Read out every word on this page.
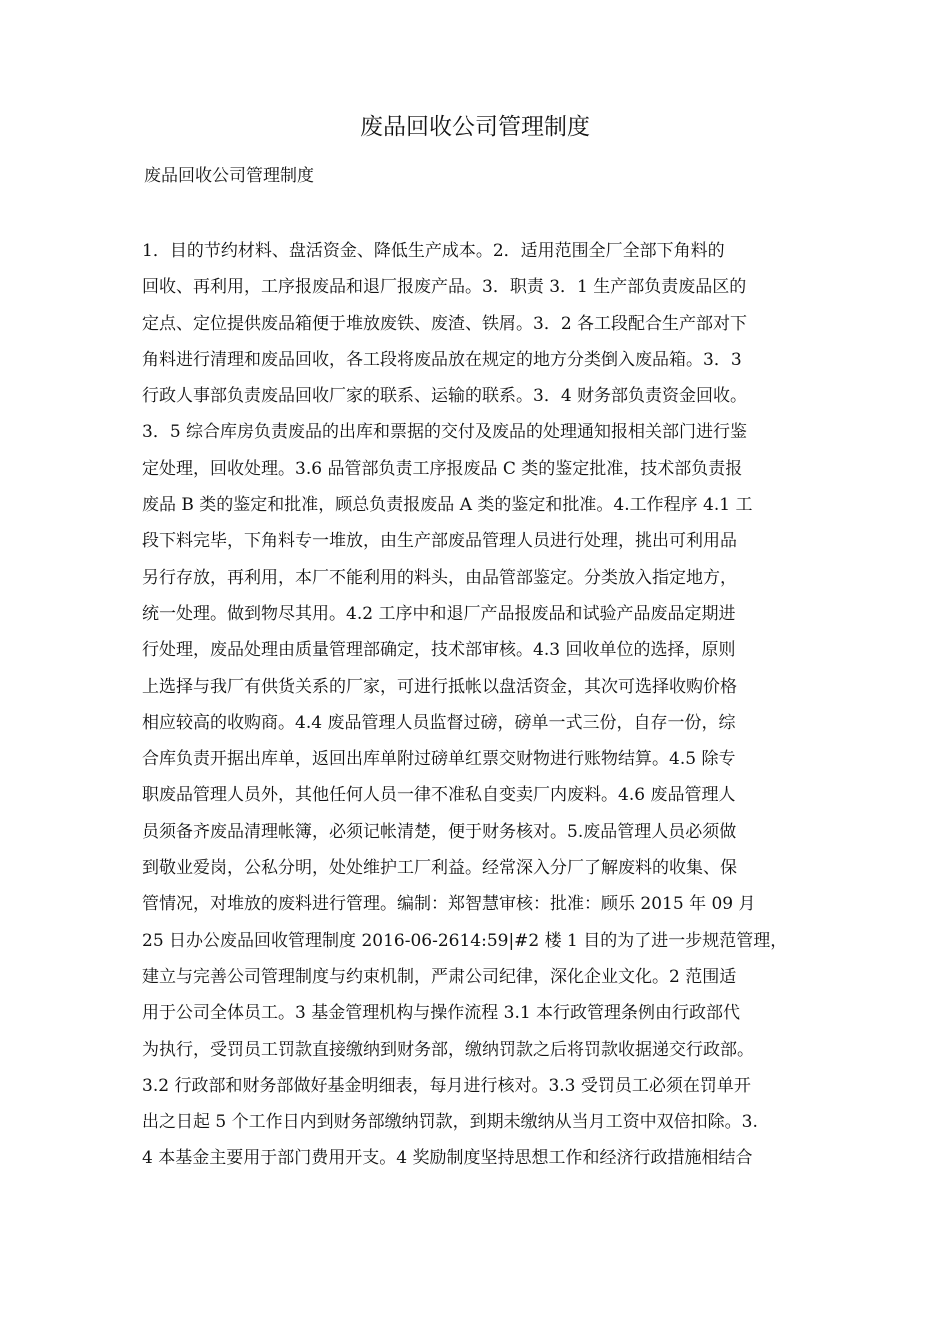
废品回收公司管理制度
废品回收公司管理制度
1．目的节约材料、盘活资金、降低生产成本。2．适用范围全厂全部下角料的
回收、再利用，工序报废品和退厂报废产品。3．职责 3．1 生产部负责废品区的
定点、定位提供废品箱便于堆放废铁、废渣、铁屑。3．2 各工段配合生产部对下
角料进行清理和废品回收，各工段将废品放在规定的地方分类倒入废品箱。3．3
行政人事部负责废品回收厂家的联系、运输的联系。3．4 财务部负责资金回收。
3．5 综合库房负责废品的出库和票据的交付及废品的处理通知报相关部门进行鉴
定处理，回收处理。3.6 品管部负责工序报废品 C 类的鉴定批准，技术部负责报
废品 B 类的鉴定和批准，顾总负责报废品 A 类的鉴定和批准。4.工作程序 4.1 工
段下料完毕，下角料专一堆放，由生产部废品管理人员进行处理，挑出可利用品
另行存放，再利用，本厂不能利用的料头，由品管部鉴定。分类放入指定地方，
统一处理。做到物尽其用。4.2 工序中和退厂产品报废品和试验产品废品定期进
行处理，废品处理由质量管理部确定，技术部审核。4.3 回收单位的选择，原则
上选择与我厂有供货关系的厂家，可进行抵帐以盘活资金，其次可选择收购价格
相应较高的收购商。4.4 废品管理人员监督过磅，磅单一式三份，自存一份，综
合库负责开据出库单，返回出库单附过磅单红票交财物进行账物结算。4.5 除专
职废品管理人员外，其他任何人员一律不准私自变卖厂内废料。4.6 废品管理人
员须备齐废品清理帐簿，必须记帐清楚，便于财务核对。5.废品管理人员必须做
到敬业爱岗，公私分明，处处维护工厂利益。经常深入分厂了解废料的收集、保
管情况，对堆放的废料进行管理。编制：郑智慧审核：批准：顾乐 2015 年 09 月
25 日办公废品回收管理制度 2016-06-2614:59|#2 楼 1 目的为了进一步规范管理，
建立与完善公司管理制度与约束机制，严肃公司纪律，深化企业文化。2 范围适
用于公司全体员工。3 基金管理机构与操作流程 3.1 本行政管理条例由行政部代
为执行，受罚员工罚款直接缴纳到财务部，缴纳罚款之后将罚款收据递交行政部。
3.2 行政部和财务部做好基金明细表，每月进行核对。3.3 受罚员工必须在罚单开
出之日起 5 个工作日内到财务部缴纳罚款，到期未缴纳从当月工资中双倍扣除。3.
4 本基金主要用于部门费用开支。4 奖励制度坚持思想工作和经济行政措施相结合
